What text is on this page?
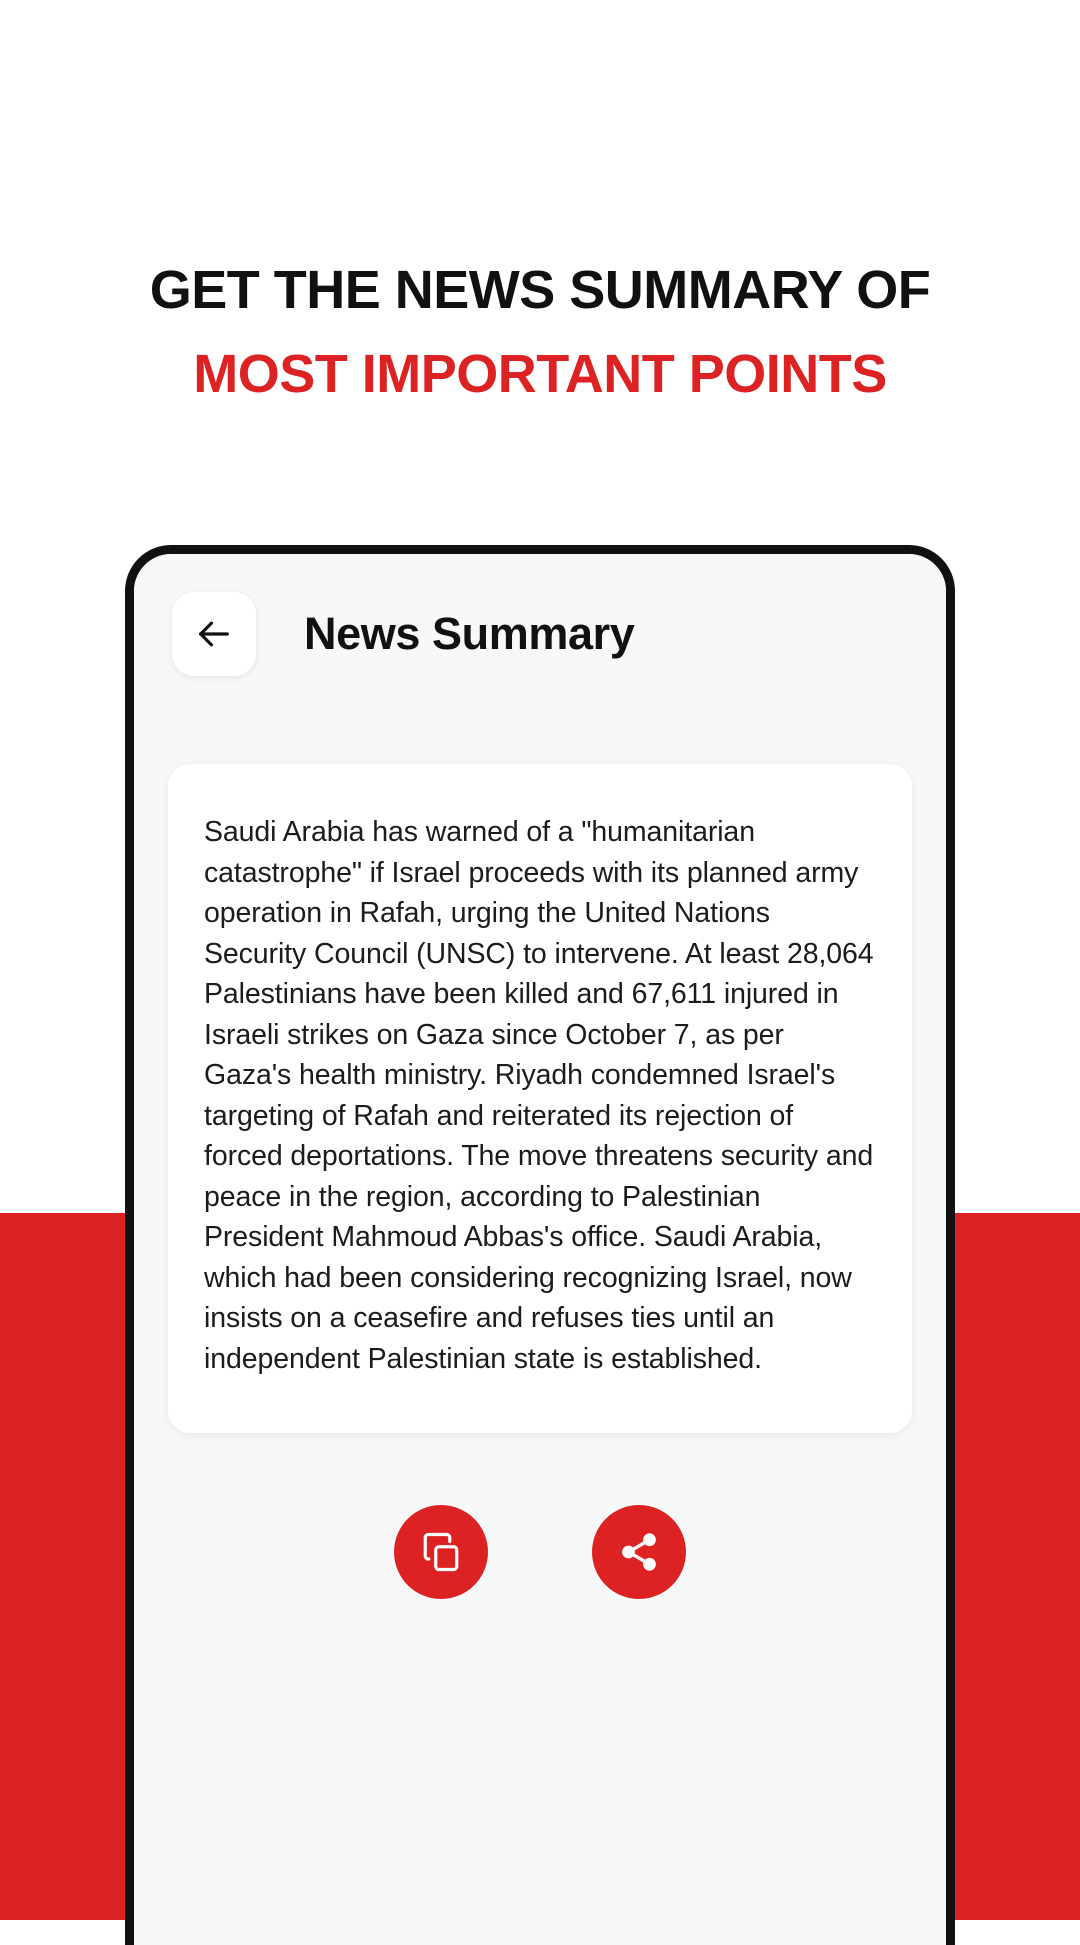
GET THE NEWS SUMMARY OF
MOST IMPORTANT POINTS
News Summary

Saudi Arabia has warned of a "humanitarian catastrophe" if Israel proceeds with its planned army operation in Rafah, urging the United Nations Security Council (UNSC) to intervene. At least 28,064 Palestinians have been killed and 67,611 injured in Israeli strikes on Gaza since October 7, as per Gaza's health ministry. Riyadh condemned Israel's targeting of Rafah and reiterated its rejection of forced deportations. The move threatens security and peace in the region, according to Palestinian President Mahmoud Abbas's office. Saudi Arabia, which had been considering recognizing Israel, now insists on a ceasefire and refuses ties until an independent Palestinian state is established.
